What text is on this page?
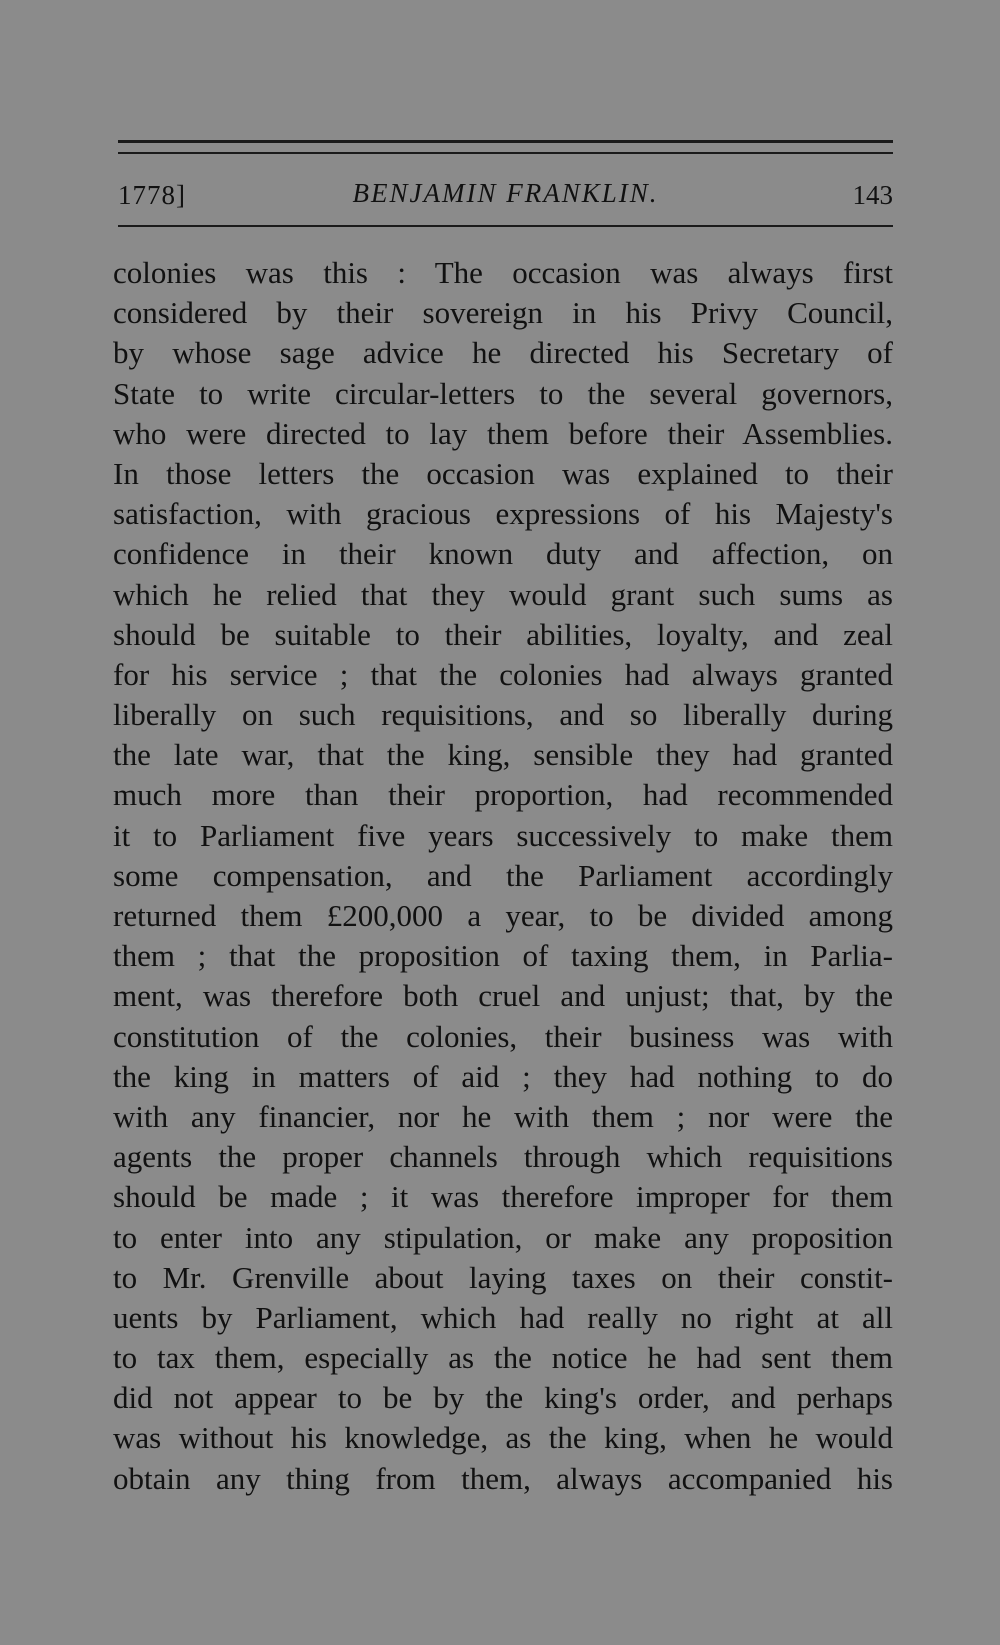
1778]	BENJAMIN FRANKLIN.	143
colonies was this : The occasion was always first
considered by their sovereign in his Privy Council,
by whose sage advice he directed his Secretary of
State to write circular-letters to the several governors,
who were directed to lay them before their Assemblies.
In those letters the occasion was explained to their
satisfaction, with gracious expressions of his Majesty's
confidence in their known duty and affection, on
which he relied that they would grant such sums as
should be suitable to their abilities, loyalty, and zeal
for his service ; that the colonies had always granted
liberally on such requisitions, and so liberally during
the late war, that the king, sensible they had granted
much more than their proportion, had recommended
it to Parliament five years successively to make them
some compensation, and the Parliament accordingly
returned them £200,000 a year, to be divided among
them ; that the proposition of taxing them, in Parlia-
ment, was therefore both cruel and unjust; that, by the
constitution of the colonies, their business was with
the king in matters of aid ; they had nothing to do
with any financier, nor he with them ; nor were the
agents the proper channels through which requisitions
should be made ; it was therefore improper for them
to enter into any stipulation, or make any proposition
to Mr. Grenville about laying taxes on their constit-
uents by Parliament, which had really no right at all
to tax them, especially as the notice he had sent them
did not appear to be by the king's order, and perhaps
was without his knowledge, as the king, when he would
obtain any thing from them, always accompanied his
